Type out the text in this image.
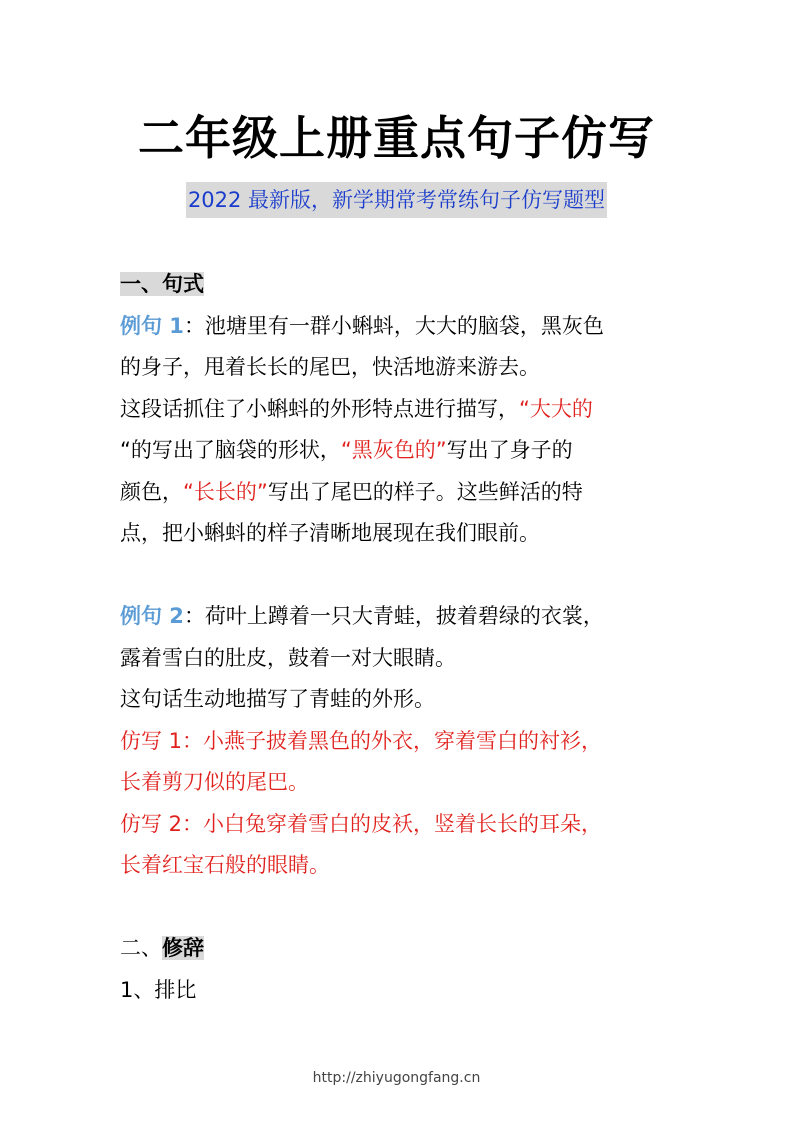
二年级上册重点句子仿写
2022 最新版，新学期常考常练句子仿写题型
一、句式
例句 1：池塘里有一群小蝌蚪，大大的脑袋，黑灰色
的身子，甩着长长的尾巴，快活地游来游去。
这段话抓住了小蝌蚪的外形特点进行描写，“大大的
“的写出了脑袋的形状，“黑灰色的”写出了身子的
颜色，“长长的”写出了尾巴的样子。这些鲜活的特
点，把小蝌蚪的样子清晰地展现在我们眼前。
例句 2：荷叶上蹲着一只大青蛙，披着碧绿的衣裳，
露着雪白的肚皮，鼓着一对大眼睛。
这句话生动地描写了青蛙的外形。
仿写 1：小燕子披着黑色的外衣，穿着雪白的衬衫，
长着剪刀似的尾巴。
仿写 2：小白兔穿着雪白的皮袄，竖着长长的耳朵，
长着红宝石般的眼睛。
二、修辞
1、排比
http://zhiyugongfang.cn
